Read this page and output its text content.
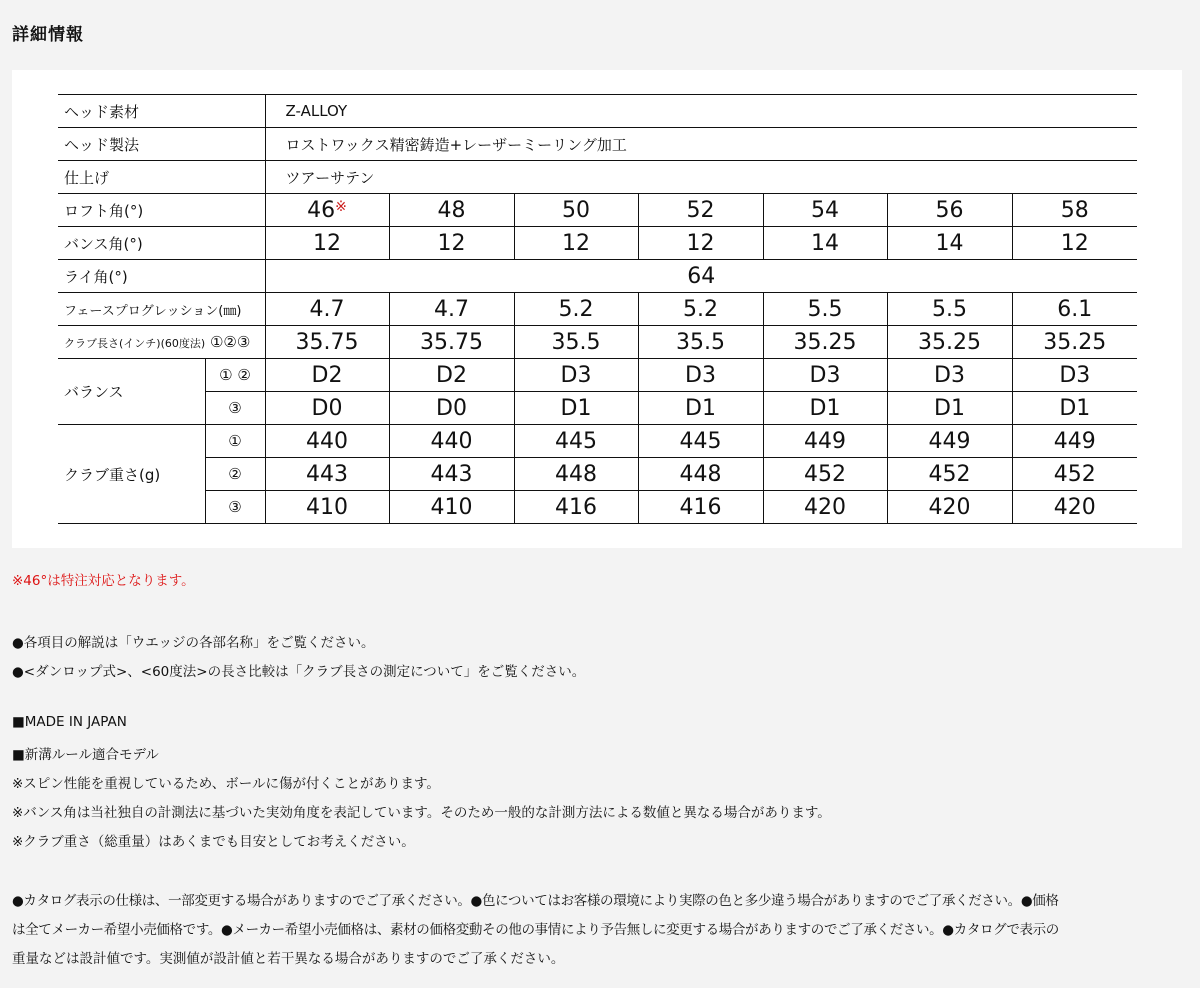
詳細情報
ヘッド素材		Z-ALLOY						
ヘッド製法		ロストワックス精密鋳造+レーザーミーリング加工						
仕上げ		ツアーサテン						
ロフト角(°)		46※	48	50	52	54	56	58
バンス角(°)		12	12	12	12	14	14	12
ライ角(°)		64						
フェースプログレッション(㎜)		4.7	4.7	5.2	5.2	5.5	5.5	6.1
クラブ長さ(インチ)(60度法) ①②③		35.75	35.75	35.5	35.5	35.25	35.25	35.25
バランス	① ②	D2	D2	D3	D3	D3	D3	D3
	③	D0	D0	D1	D1	D1	D1	D1
クラブ重さ(g)	①	440	440	445	445	449	449	449
	②	443	443	448	448	452	452	452
	③	410	410	416	416	420	420	420
※46°は特注対応となります。
●各項目の解説は「ウエッジの各部名称」をご覧ください。
●<ダンロップ式>、<60度法>の長さ比較は「クラブ長さの測定について」をご覧ください。
■MADE IN JAPAN
■新溝ルール適合モデル
※スピン性能を重視しているため、ボールに傷が付くことがあります。
※バンス角は当社独自の計測法に基づいた実効角度を表記しています。そのため一般的な計測方法による数値と異なる場合があります。
※クラブ重さ（総重量）はあくまでも目安としてお考えください。
●カタログ表示の仕様は、一部変更する場合がありますのでご了承ください。●色についてはお客様の環境により実際の色と多少違う場合がありますのでご了承ください。●価格
は全てメーカー希望小売価格です。●メーカー希望小売価格は、素材の価格変動その他の事情により予告無しに変更する場合がありますのでご了承ください。●カタログで表示の
重量などは設計値です。実測値が設計値と若干異なる場合がありますのでご了承ください。
